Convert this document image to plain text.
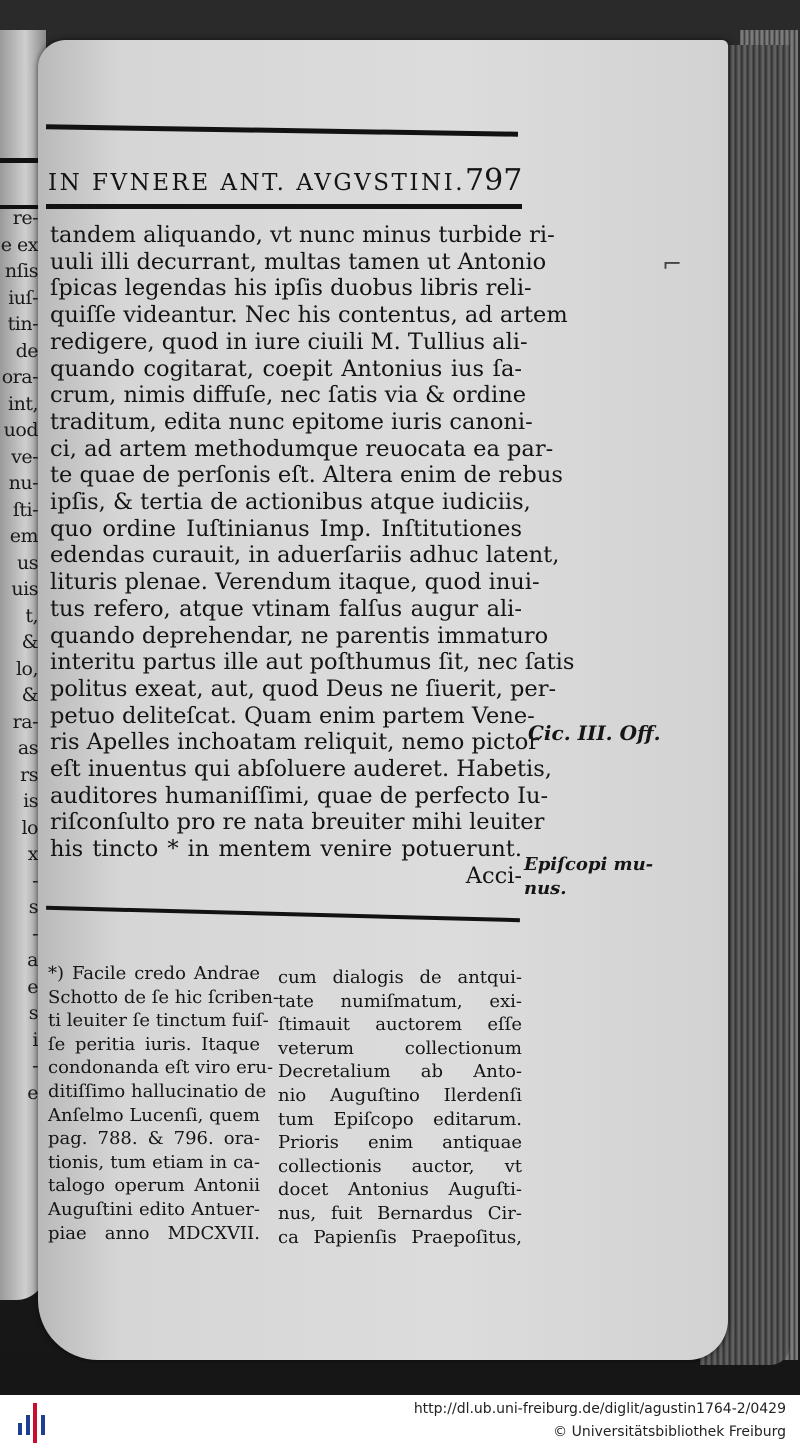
re-
e ex
nſis
iuſ-
tin-
de
ora-
int,
uod
ve-
nu-
ſti-
em
us
uis
t,
&
lo,
&
ra-
as
rs
is
lo
x
-
s
-
a
e
s
i
-
e
IN FVNERE ANT. AVGVSTINI. 797
tandem aliquando, vt nunc minus turbide ri-
uuli illi decurrant, multas tamen ut Antonio
ſpicas legendas his ipſis duobus libris reli-
quiſſe videantur. Nec his contentus, ad artem
redigere, quod in iure ciuili M. Tullius ali-
quando cogitarat, coepit Antonius ius ſa-
crum, nimis diffuſe, nec ſatis via & ordine
traditum, edita nunc epitome iuris canoni-
ci, ad artem methodumque reuocata ea par-
te quae de perſonis eſt. Altera enim de rebus
ipſis, & tertia de actionibus atque iudiciis,
quo ordine Iuſtinianus Imp. Inſtitutiones
edendas curauit, in aduerſariis adhuc latent,
lituris plenae. Verendum itaque, quod inui-
tus refero, atque vtinam falſus augur ali-
quando deprehendar, ne parentis immaturo
interitu partus ille aut poſthumus ſit, nec ſatis
politus exeat, aut, quod Deus ne ſiuerit, per-
petuo deliteſcat. Quam enim partem Vene-
ris Apelles inchoatam reliquit, nemo pictor
eſt inuentus qui abſoluere auderet. Habetis,
auditores humaniſſimi, quae de perfecto Iu-
riſconſulto pro re nata breuiter mihi leuiter
his tincto * in mentem venire potuerunt.
Acci-
Cic. III. Off.
Epiſcopi mu-
nus.
⌐
*) Facile credo Andrae
Schotto de ſe hic ſcriben-
ti leuiter ſe tinctum fuiſ-
ſe peritia iuris. Itaque
condonanda eſt viro eru-
ditiſſimo hallucinatio de
Anſelmo Lucenſi, quem
pag. 788. & 796. ora-
tionis, tum etiam in ca-
talogo operum Antonii
Auguſtini edito Antuer-
piae anno MDCXVII.
cum dialogis de antqui-
tate numiſmatum, exi-
ſtimauit auctorem eſſe
veterum collectionum
Decretalium ab Anto-
nio Auguſtino Ilerdenſi
tum Epiſcopo editarum.
Prioris enim antiquae
collectionis auctor, vt
docet Antonius Auguſti-
nus, fuit Bernardus Cir-
ca Papienſis Praepoſitus,
http://dl.ub.uni-freiburg.de/diglit/agustin1764-2/0429
© Universitätsbibliothek Freiburg
